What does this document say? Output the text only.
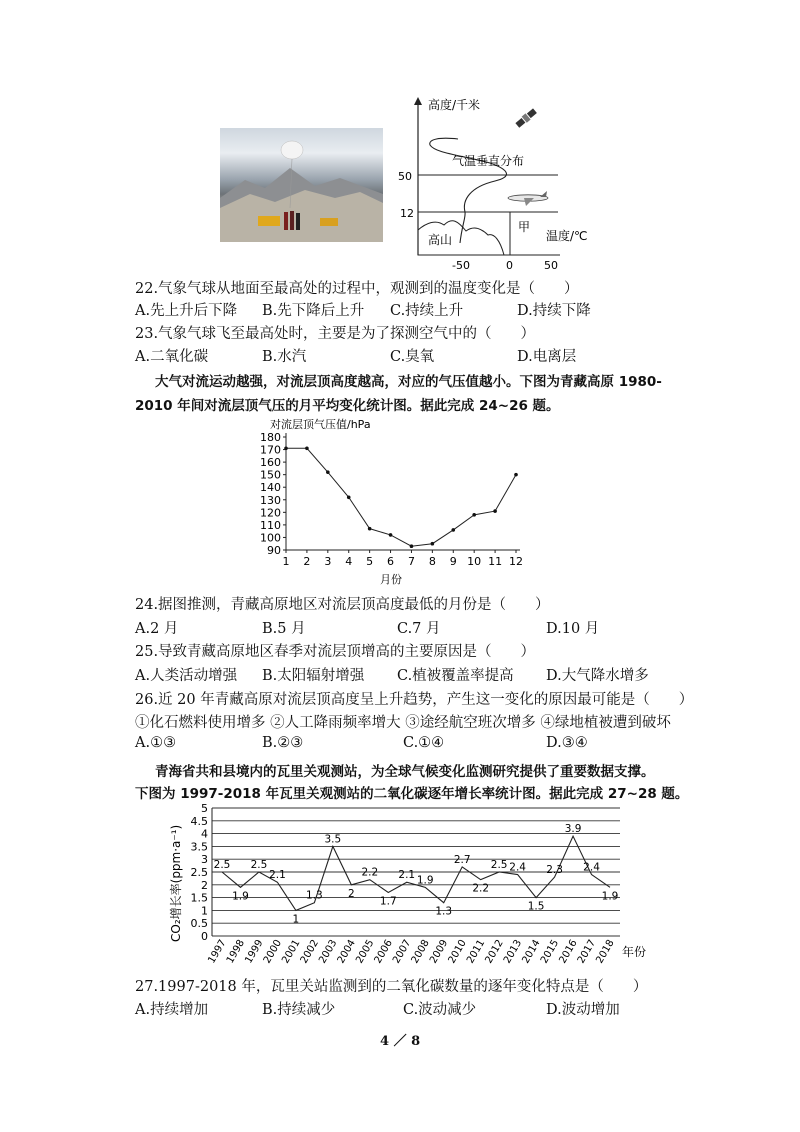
高度/千米
气温垂直分布
50
12
甲
高山	温度/℃
-50	0	50
22.气象气球从地面至最高处的过程中，观测到的温度变化是（　　）
A.先上升后下降 B.先下降后上升 C.持续上升	D.持续下降
23.气象气球飞至最高处时，主要是为了探测空气中的（　　）
A.二氧化碳	B.水汽	C.臭氧	D.电离层
大气对流运动越强，对流层顶高度越高，对应的气压值越小。下图为青藏高原 1980-
2010 年间对流层顶气压的月平均变化统计图。据此完成 24~26 题。
对流层顶气压值/hPa
月份
90
100
110
120
130
140
150
160
170
180
1 2 3 4 5 6 7 8 9 10 11 12
24.据图推测，青藏高原地区对流层顶高度最低的月份是（　　）
A.2 月	B.5 月	C.7 月	D.10 月
25.导致青藏高原地区春季对流层顶增高的主要原因是（　　）
A.人类活动增强 B.太阳辐射增强 C.植被覆盖率提高 D.大气降水增多
26.近 20 年青藏高原对流层顶高度呈上升趋势，产生这一变化的原因最可能是（　　）
①化石燃料使用增多 ②人工降雨频率增大 ③途经航空班次增多 ④绿地植被遭到破坏
A.①③	B.②③	C.①④	D.③④
青海省共和县境内的瓦里关观测站，为全球气候变化监测研究提供了重要数据支撑。
下图为 1997-2018 年瓦里关观测站的二氧化碳逐年增长率统计图。据此完成 27~28 题。
CO₂增长率(ppm·a⁻¹)
年份
0
0.5
1
1.5
2
2.5
3
3.5
4
4.5
5
1997
1998
1999
2000
2001
2002
2003
2004
2005
2006
2007
2008
2009
2010
2011
2012
2013
2014
2015
2016
2017
2018
2.5
1.9
2.5
2.1
1
1.3
3.5
2
2.2
1.7
2.1 1.9
1.3
2.7
2.2
2.5 2.4
1.5
2.3
3.9
2.4
1.9
27.1997-2018 年，瓦里关站监测到的二氧化碳数量的逐年变化特点是（　　）
A.持续增加	B.持续减少	C.波动减少	D.波动增加
4 ／ 8
